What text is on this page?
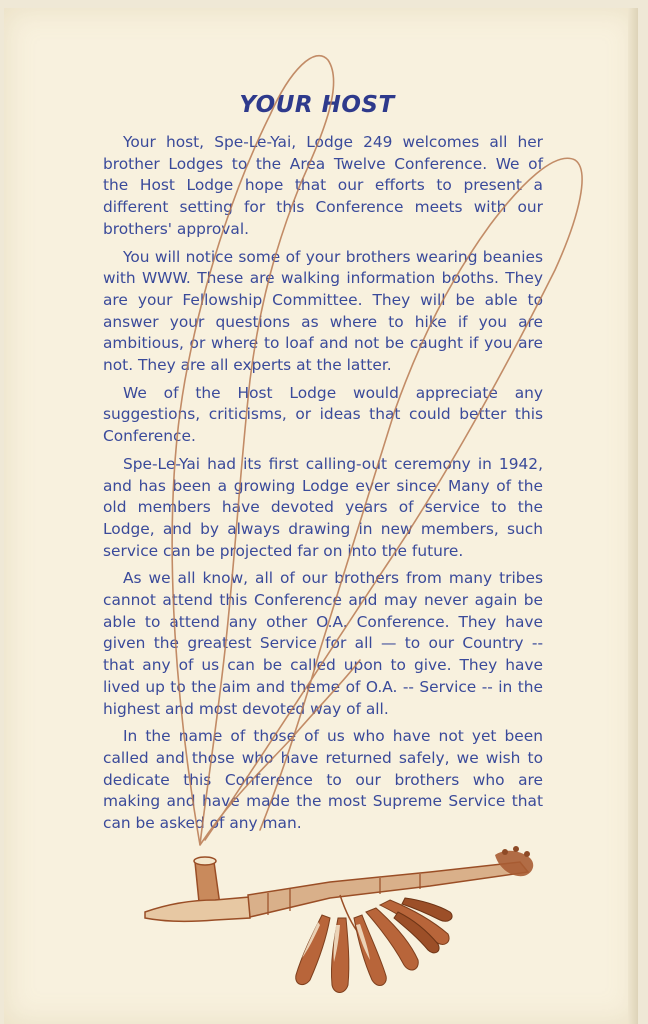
YOUR HOST

Your host, Spe-Le-Yai, Lodge 249 welcomes all her brother Lodges to the Area Twelve Conference. We of the Host Lodge hope that our efforts to present a different setting for this Conference meets with our brothers' approval.

You will notice some of your brothers wearing beanies with WWW. These are walking information booths. They are your Fellowship Committee. They will be able to answer your questions as where to hike if you are ambitious, or where to loaf and not be caught if you are not. They are all experts at the latter.

We of the Host Lodge would appreciate any suggestions, criticisms, or ideas that could better this Conference.

Spe-Le-Yai had its first calling-out ceremony in 1942, and has been a growing Lodge ever since. Many of the old members have devoted years of service to the Lodge, and by always drawing in new members, such service can be projected far on into the future.

As we all know, all of our brothers from many tribes cannot attend this Conference and may never again be able to attend any other O.A. Conference. They have given the greatest Service for all — to our Country -- that any of us can be called upon to give. They have lived up to the aim and theme of O.A. -- Service -- in the highest and most devoted way of all.

In the name of those of us who have not yet been called and those who have returned safely, we wish to dedicate this Conference to our brothers who are making and have made the most Supreme Service that can be asked of any man.
